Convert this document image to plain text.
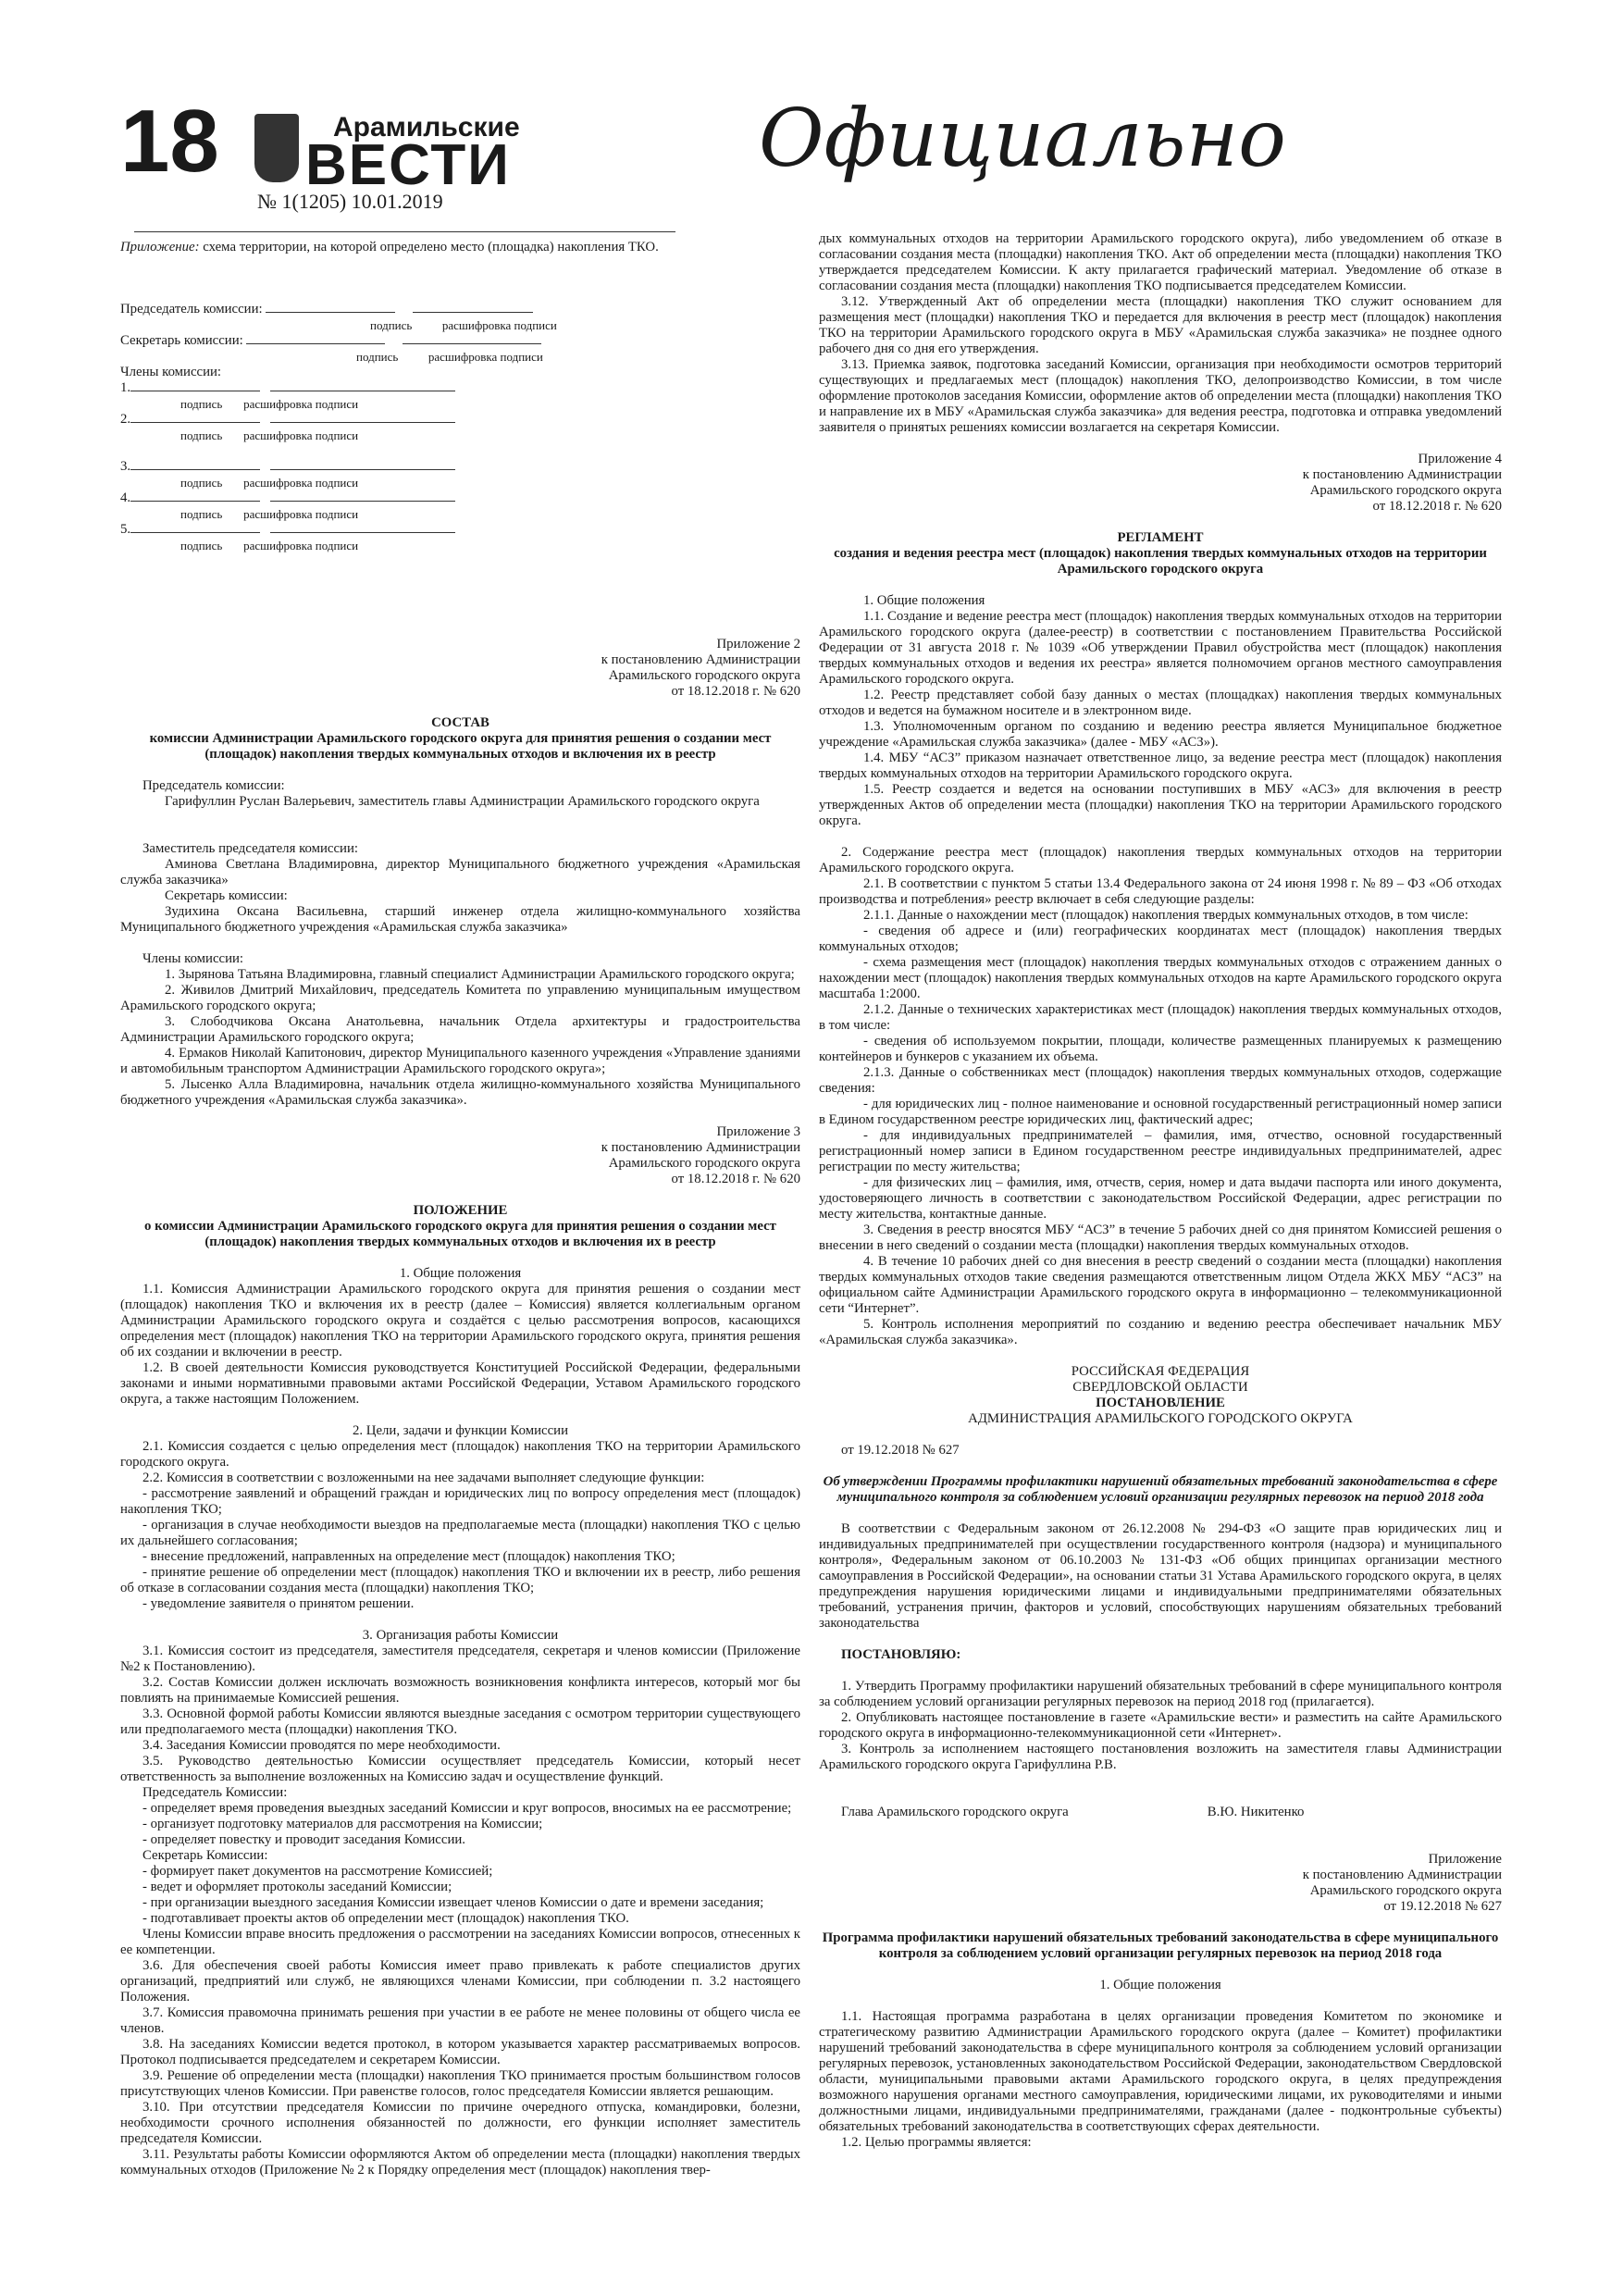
18	Арамильские
ВЕСТИ
№ 1(1205) 10.01.2019
Официально

Приложение: схема территории, на которой определено место (площадка) накопления ТКО.

Председатель комиссии:

подпись	расшифровка подписи

Секретарь комиссии:

подпись	расшифровка подписи

Члены комиссии:

1.

подпись расшифровка подписи

2.

подпись расшифровка подписи

3.

подпись расшифровка подписи

4.

подпись расшифровка подписи

5.

подпись расшифровка подписи

Приложение 2

к постановлению Администрации

Арамильского городского округа

от 18.12.2018 г. № 620

СОСТАВ

комиссии Администрации Арамильского городского округа для принятия решения о создании мест (площадок) накопления твердых коммунальных отходов и включения их в реестр

Председатель комиссии:

Гарифуллин Руслан Валерьевич, заместитель главы Администрации Арамильского городского округа

Заместитель председателя комиссии:

Аминова Светлана Владимировна, директор Муниципального бюджетного учреждения «Арамильская служба заказчика»

Секретарь комиссии:

Зудихина Оксана Васильевна, старший инженер отдела жилищно-коммунального хозяйства Муниципального бюджетного учреждения «Арамильская служба заказчика»

Члены комиссии:

1. Зырянова Татьяна Владимировна, главный специалист Администрации Арамильского городского округа;

2. Живилов Дмитрий Михайлович, председатель Комитета по управлению муниципальным имуществом Арамильского городского округа;

3. Слободчикова Оксана Анатольевна, начальник Отдела архитектуры и градостроительства Администрации Арамильского городского округа;

4. Ермаков Николай Капитонович, директор Муниципального казенного учреждения «Управление зданиями и автомобильным транспортом Администрации Арамильского городского округа»;

5. Лысенко Алла Владимировна, начальник отдела жилищно-коммунального хозяйства Муниципального бюджетного учреждения «Арамильская служба заказчика».

Приложение 3

к постановлению Администрации

Арамильского городского округа

от 18.12.2018 г. № 620

ПОЛОЖЕНИЕ

о комиссии Администрации Арамильского городского округа для принятия решения о создании мест (площадок) накопления твердых коммунальных отходов и включения их в реестр

1. Общие положения

1.1. Комиссия Администрации Арамильского городского округа для принятия решения о создании мест (площадок) накопления ТКО и включения их в реестр (далее – Комиссия) является коллегиальным органом Администрации Арамильского городского округа и создаётся с целью рассмотрения вопросов, касающихся определения мест (площадок) накопления ТКО на территории Арамильского городского округа, принятия решения об их создании и включении в реестр.

1.2. В своей деятельности Комиссия руководствуется Конституцией Российской Федерации, федеральными законами и иными нормативными правовыми актами Российской Федерации, Уставом Арамильского городского округа, а также настоящим Положением.

2. Цели, задачи и функции Комиссии

2.1. Комиссия создается с целью определения мест (площадок) накопления ТКО на территории Арамильского городского округа.

2.2. Комиссия в соответствии с возложенными на нее задачами выполняет следующие функции:

- рассмотрение заявлений и обращений граждан и юридических лиц по вопросу определения мест (площадок) накопления ТКО;

- организация в случае необходимости выездов на предполагаемые места (площадки) накопления ТКО с целью их дальнейшего согласования;

- внесение предложений, направленных на определение мест (площадок) накопления ТКО;

- принятие решение об определении мест (площадок) накопления ТКО и включении их в реестр, либо решения об отказе в согласовании создания места (площадки) накопления ТКО;

- уведомление заявителя о принятом решении.

3. Организация работы Комиссии

3.1. Комиссия состоит из председателя, заместителя председателя, секретаря и членов комиссии (Приложение №2 к Постановлению).

3.2. Состав Комиссии должен исключать возможность возникновения конфликта интересов, который мог бы повлиять на принимаемые Комиссией решения.

3.3. Основной формой работы Комиссии являются выездные заседания с осмотром территории существующего или предполагаемого места (площадки) накопления ТКО.

3.4. Заседания Комиссии проводятся по мере необходимости.

3.5. Руководство деятельностью Комиссии осуществляет председатель Комиссии, который несет ответственность за выполнение возложенных на Комиссию задач и осуществление функций.

Председатель Комиссии:

- определяет время проведения выездных заседаний Комиссии и круг вопросов, вносимых на ее рассмотрение;

- организует подготовку материалов для рассмотрения на Комиссии;

- определяет повестку и проводит заседания Комиссии.

Секретарь Комиссии:

- формирует пакет документов на рассмотрение Комиссией;

- ведет и оформляет протоколы заседаний Комиссии;

- при организации выездного заседания Комиссии извещает членов Комиссии о дате и времени заседания;

- подготавливает проекты актов об определении мест (площадок) накопления ТКО.

Члены Комиссии вправе вносить предложения о рассмотрении на заседаниях Комиссии вопросов, отнесенных к ее компетенции.

3.6. Для обеспечения своей работы Комиссия имеет право привлекать к работе специалистов других организаций, предприятий или служб, не являющихся членами Комиссии, при соблюдении п. 3.2 настоящего Положения.

3.7. Комиссия правомочна принимать решения при участии в ее работе не менее половины от общего числа ее членов.

3.8. На заседаниях Комиссии ведется протокол, в котором указывается характер рассматриваемых вопросов. Протокол подписывается председателем и секретарем Комиссии.

3.9. Решение об определении места (площадки) накопления ТКО принимается простым большинством голосов присутствующих членов Комиссии. При равенстве голосов, голос председателя Комиссии является решающим.

3.10. При отсутствии председателя Комиссии по причине очередного отпуска, командировки, болезни, необходимости срочного исполнения обязанностей по должности, его функции исполняет заместитель председателя Комиссии.

3.11. Результаты работы Комиссии оформляются Актом об определении места (площадки) накопления твердых коммунальных отходов (Приложение № 2 к Порядку определения мест (площадок) накопления твер-

дых коммунальных отходов на территории Арамильского городского округа), либо уведомлением об отказе в согласовании создания места (площадки) накопления ТКО. Акт об определении места (площадки) накопления ТКО утверждается председателем Комиссии. К акту прилагается графический материал. Уведомление об отказе в согласовании создания места (площадки) накопления ТКО подписывается председателем Комиссии.

3.12. Утвержденный Акт об определении места (площадки) накопления ТКО служит основанием для размещения мест (площадки) накопления ТКО и передается для включения в реестр мест (площадок) накопления ТКО на территории Арамильского городского округа в МБУ «Арамильская служба заказчика» не позднее одного рабочего дня со дня его утверждения.

3.13. Приемка заявок, подготовка заседаний Комиссии, организация при необходимости осмотров территорий существующих и предлагаемых мест (площадок) накопления ТКО, делопроизводство Комиссии, в том числе оформление протоколов заседания Комиссии, оформление актов об определении места (площадки) накопления ТКО и направление их в МБУ «Арамильская служба заказчика» для ведения реестра, подготовка и отправка уведомлений заявителя о принятых решениях комиссии возлагается на секретаря Комиссии.

Приложение 4

к постановлению Администрации

Арамильского городского округа

от 18.12.2018 г. № 620

РЕГЛАМЕНТ

создания и ведения реестра мест (площадок) накопления твердых коммунальных отходов на территории Арамильского городского округа

1. Общие положения

1.1. Создание и ведение реестра мест (площадок) накопления твердых коммунальных отходов на территории Арамильского городского округа (далее-реестр) в соответствии с постановлением Правительства Российской Федерации от 31 августа 2018 г. № 1039 «Об утверждении Правил обустройства мест (площадок) накопления твердых коммунальных отходов и ведения их реестра» является полномочием органов местного самоуправления Арамильского городского округа.

1.2. Реестр представляет собой базу данных о местах (площадках) накопления твердых коммунальных отходов и ведется на бумажном носителе и в электронном виде.

1.3. Уполномоченным органом по созданию и ведению реестра является Муниципальное бюджетное учреждение «Арамильская служба заказчика» (далее - МБУ «АСЗ»).

1.4. МБУ “АСЗ” приказом назначает ответственное лицо, за ведение реестра мест (площадок) накопления твердых коммунальных отходов на территории Арамильского городского округа.

1.5. Реестр создается и ведется на основании поступивших в МБУ «АСЗ» для включения в реестр утвержденных Актов об определении места (площадки) накопления ТКО на территории Арамильского городского округа.

2. Содержание реестра мест (площадок) накопления твердых коммунальных отходов на территории Арамильского городского округа.

2.1. В соответствии с пунктом 5 статьи 13.4 Федерального закона от 24 июня 1998 г. № 89 – ФЗ «Об отходах производства и потребления» реестр включает в себя следующие разделы:

2.1.1. Данные о нахождении мест (площадок) накопления твердых коммунальных отходов, в том числе:

- сведения об адресе и (или) географических координатах мест (площадок) накопления твердых коммунальных отходов;

- схема размещения мест (площадок) накопления твердых коммунальных отходов с отражением данных о нахождении мест (площадок) накопления твердых коммунальных отходов на карте Арамильского городского округа масштаба 1:2000.

2.1.2. Данные о технических характеристиках мест (площадок) накопления твердых коммунальных отходов, в том числе:

- сведения об используемом покрытии, площади, количестве размещенных планируемых к размещению контейнеров и бункеров с указанием их объема.

2.1.3. Данные о собственниках мест (площадок) накопления твердых коммунальных отходов, содержащие сведения:

- для юридических лиц - полное наименование и основной государственный регистрационный номер записи в Едином государственном реестре юридических лиц, фактический адрес;

- для индивидуальных предпринимателей – фамилия, имя, отчество, основной государственный регистрационный номер записи в Едином государственном реестре индивидуальных предпринимателей, адрес регистрации по месту жительства;

- для физических лиц – фамилия, имя, отчеств, серия, номер и дата выдачи паспорта или иного документа, удостоверяющего личность в соответствии с законодательством Российской Федерации, адрес регистрации по месту жительства, контактные данные.

3. Сведения в реестр вносятся МБУ “АСЗ” в течение 5 рабочих дней со дня принятом Комиссией решения о внесении в него сведений о создании места (площадки) накопления твердых коммунальных отходов.

4. В течение 10 рабочих дней со дня внесения в реестр сведений о создании места (площадки) накопления твердых коммунальных отходов такие сведения размещаются ответственным лицом Отдела ЖКХ МБУ “АСЗ” на официальном сайте Администрации Арамильского городского округа в информационно – телекоммуникационной сети “Интернет”.

5. Контроль исполнения мероприятий по созданию и ведению реестра обеспечивает начальник МБУ «Арамильская служба заказчика».

РОССИЙСКАЯ ФЕДЕРАЦИЯ

СВЕРДЛОВСКОЙ ОБЛАСТИ

ПОСТАНОВЛЕНИЕ

АДМИНИСТРАЦИЯ АРАМИЛЬСКОГО ГОРОДСКОГО ОКРУГА

от 19.12.2018 № 627

Об утверждении Программы профилактики нарушений обязательных требований законодательства в сфере муниципального контроля за соблюдением условий организации регулярных перевозок на период 2018 года

В соответствии с Федеральным законом от 26.12.2008 № 294-ФЗ «О защите прав юридических лиц и индивидуальных предпринимателей при осуществлении государственного контроля (надзора) и муниципального контроля», Федеральным законом от 06.10.2003 № 131-ФЗ «Об общих принципах организации местного самоуправления в Российской Федерации», на основании статьи 31 Устава Арамильского городского округа, в целях предупреждения нарушения юридическими лицами и индивидуальными предпринимателями обязательных требований, устранения причин, факторов и условий, способствующих нарушениям обязательных требований законодательства

ПОСТАНОВЛЯЮ:

1. Утвердить Программу профилактики нарушений обязательных требований в сфере муниципального контроля за соблюдением условий организации регулярных перевозок на период 2018 год (прилагается).

2. Опубликовать настоящее постановление в газете «Арамильские вести» и разместить на сайте Арамильского городского округа в информационно-телекоммуникационной сети «Интернет».

3. Контроль за исполнением настоящего постановления возложить на заместителя главы Администрации Арамильского городского округа Гарифуллина Р.В.

Глава Арамильского городского округа	В.Ю. Никитенко

Приложение

к постановлению Администрации

Арамильского городского округа

от 19.12.2018 № 627

Программа профилактики нарушений обязательных требований законодательства в сфере муниципального контроля за соблюдением условий организации регулярных перевозок на период 2018 года

1. Общие положения

1.1. Настоящая программа разработана в целях организации проведения Комитетом по экономике и стратегическому развитию Администрации Арамильского городского округа (далее – Комитет) профилактики нарушений требований законодательства в сфере муниципального контроля за соблюдением условий организации регулярных перевозок, установленных законодательством Российской Федерации, законодательством Свердловской области, муниципальными правовыми актами Арамильского городского округа, в целях предупреждения возможного нарушения органами местного самоуправления, юридическими лицами, их руководителями и иными должностными лицами, индивидуальными предпринимателями, гражданами (далее - подконтрольные субъекты) обязательных требований законодательства в соответствующих сферах деятельности.

1.2. Целью программы является:
